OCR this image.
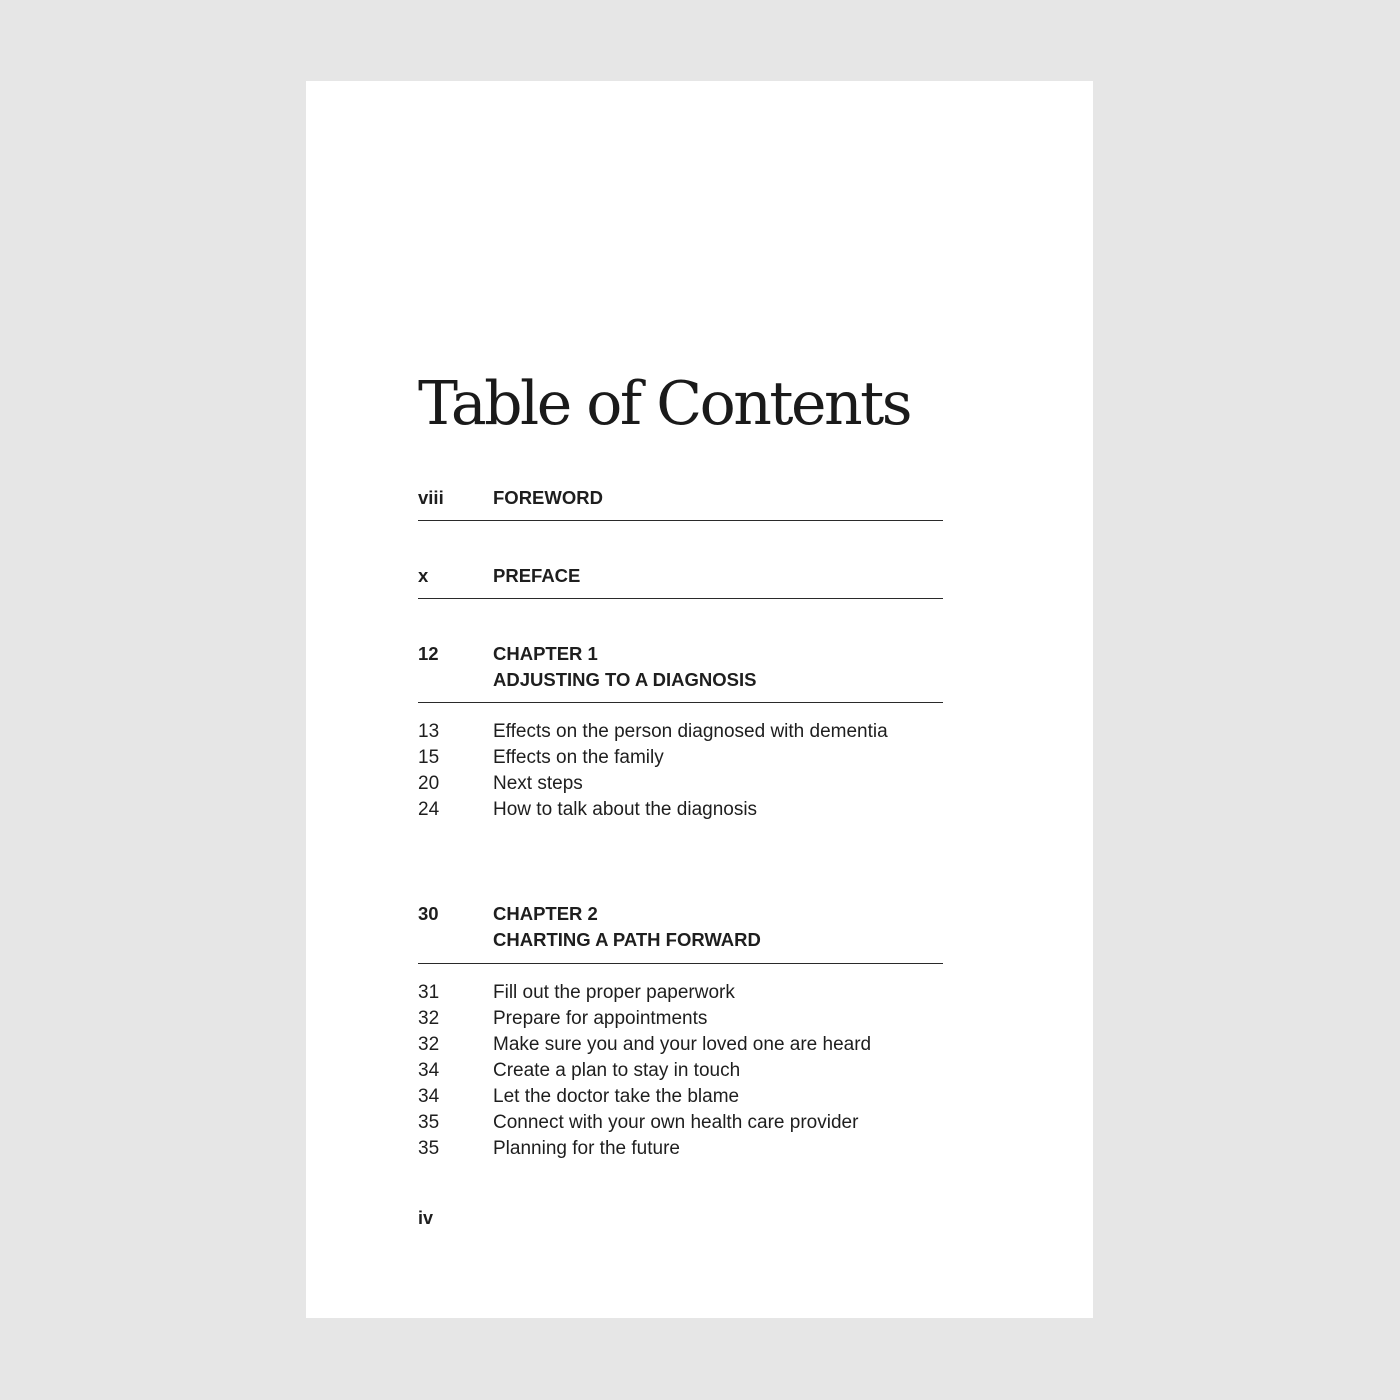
Table of Contents
viii	FOREWORD
x	PREFACE
12	CHAPTER 1
ADJUSTING TO A DIAGNOSIS
13	Effects on the person diagnosed with dementia
15	Effects on the family
20	Next steps
24	How to talk about the diagnosis
30	CHAPTER 2
CHARTING A PATH FORWARD
31	Fill out the proper paperwork
32	Prepare for appointments
32	Make sure you and your loved one are heard
34	Create a plan to stay in touch
34	Let the doctor take the blame
35	Connect with your own health care provider
35	Planning for the future
iv
